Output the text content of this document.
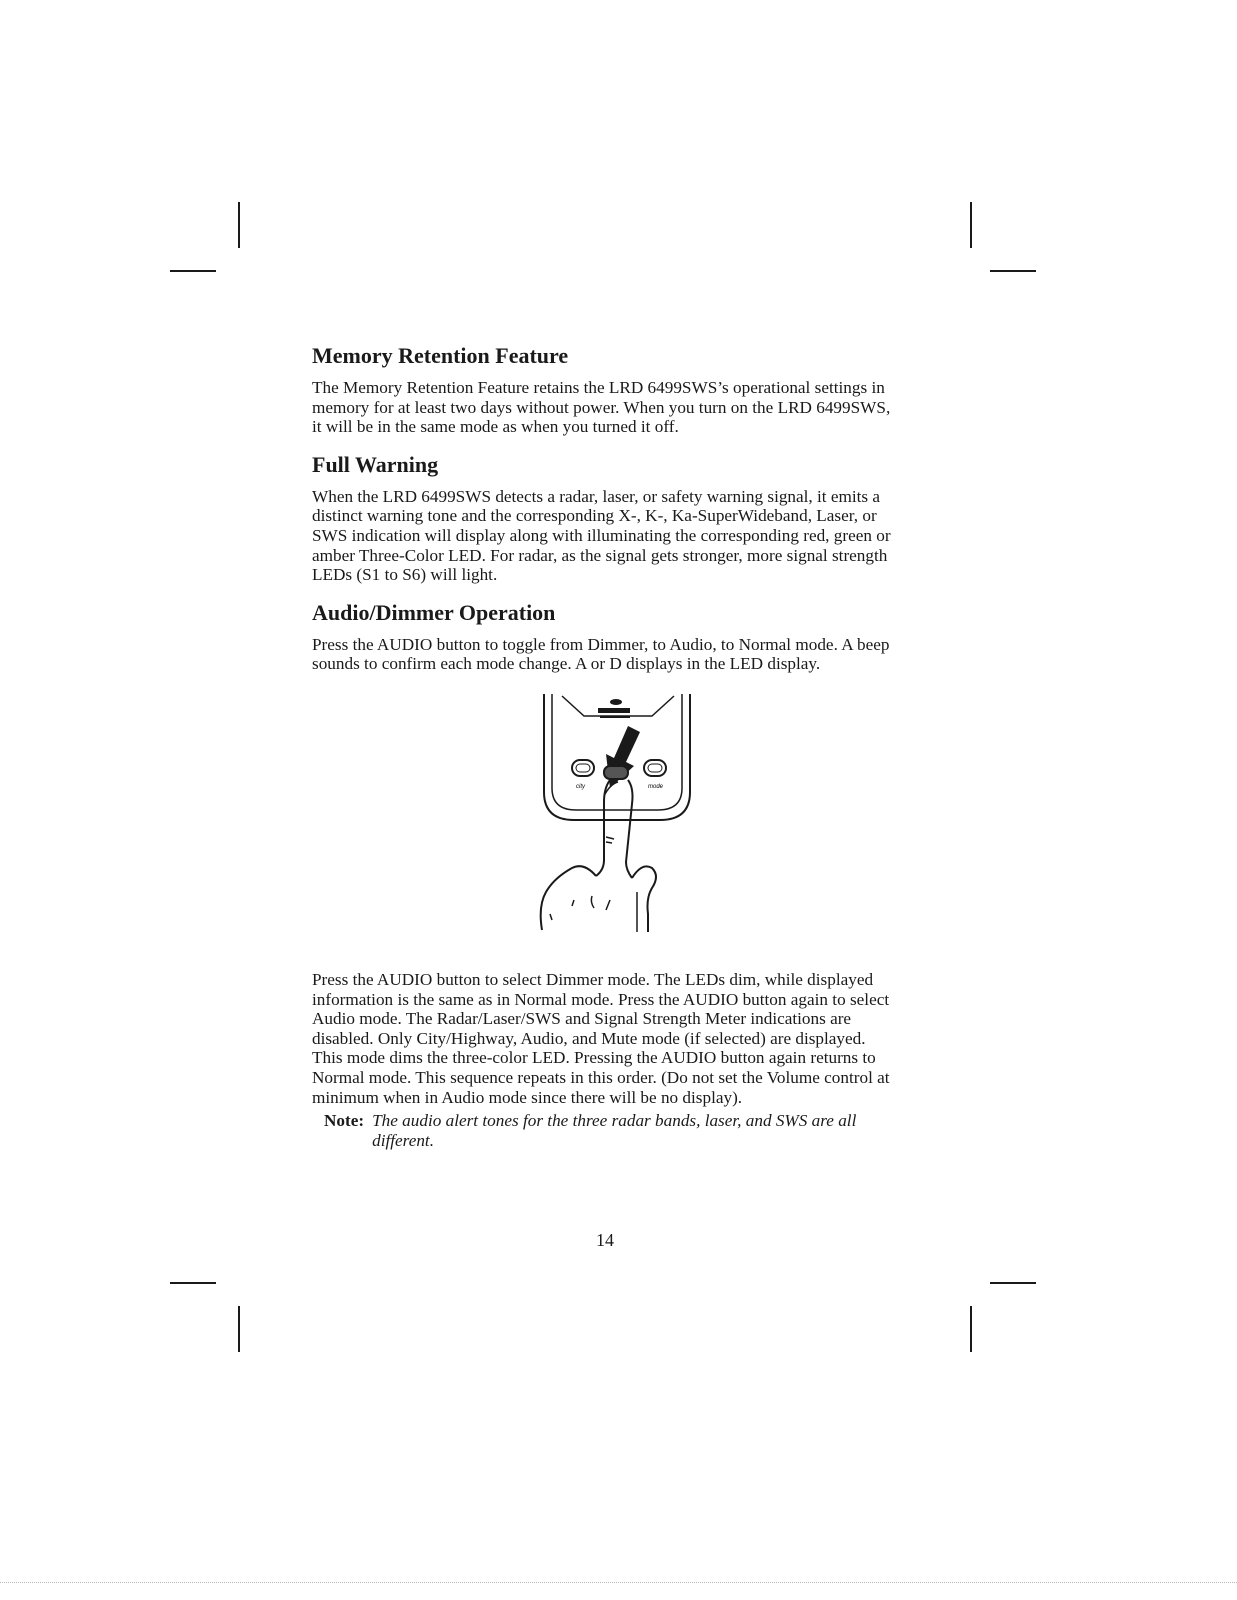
Memory Retention Feature

The Memory Retention Feature retains the LRD 6499SWS’s operational settings in memory for at least two days without power. When you turn on the LRD 6499SWS, it will be in the same mode as when you turned it off.

Full Warning

When the LRD 6499SWS detects a radar, laser, or safety warning signal, it emits a distinct warning tone and the corresponding X-, K-, Ka-SuperWideband, Laser, or SWS indication will display along with illuminating the corresponding red, green or amber Three-Color LED. For radar, as the signal gets stronger, more signal strength LEDs (S1 to S6) will light.

Audio/Dimmer Operation

Press the AUDIO button to toggle from Dimmer, to Audio, to Normal mode. A beep sounds to confirm each mode change. A or D displays in the LED display.

city	mode

Press the AUDIO button to select Dimmer mode. The LEDs dim, while displayed information is the same as in Normal mode. Press the AUDIO button again to select Audio mode. The Radar/Laser/SWS and Signal Strength Meter indications are disabled. Only City/Highway, Audio, and Mute mode (if selected) are displayed. This mode dims the three-color LED. Pressing the AUDIO button again returns to Normal mode. This sequence repeats in this order. (Do not set the Volume control at minimum when in Audio mode since there will be no display).

Note: The audio alert tones for the three radar bands, laser, and SWS are all different.
14
